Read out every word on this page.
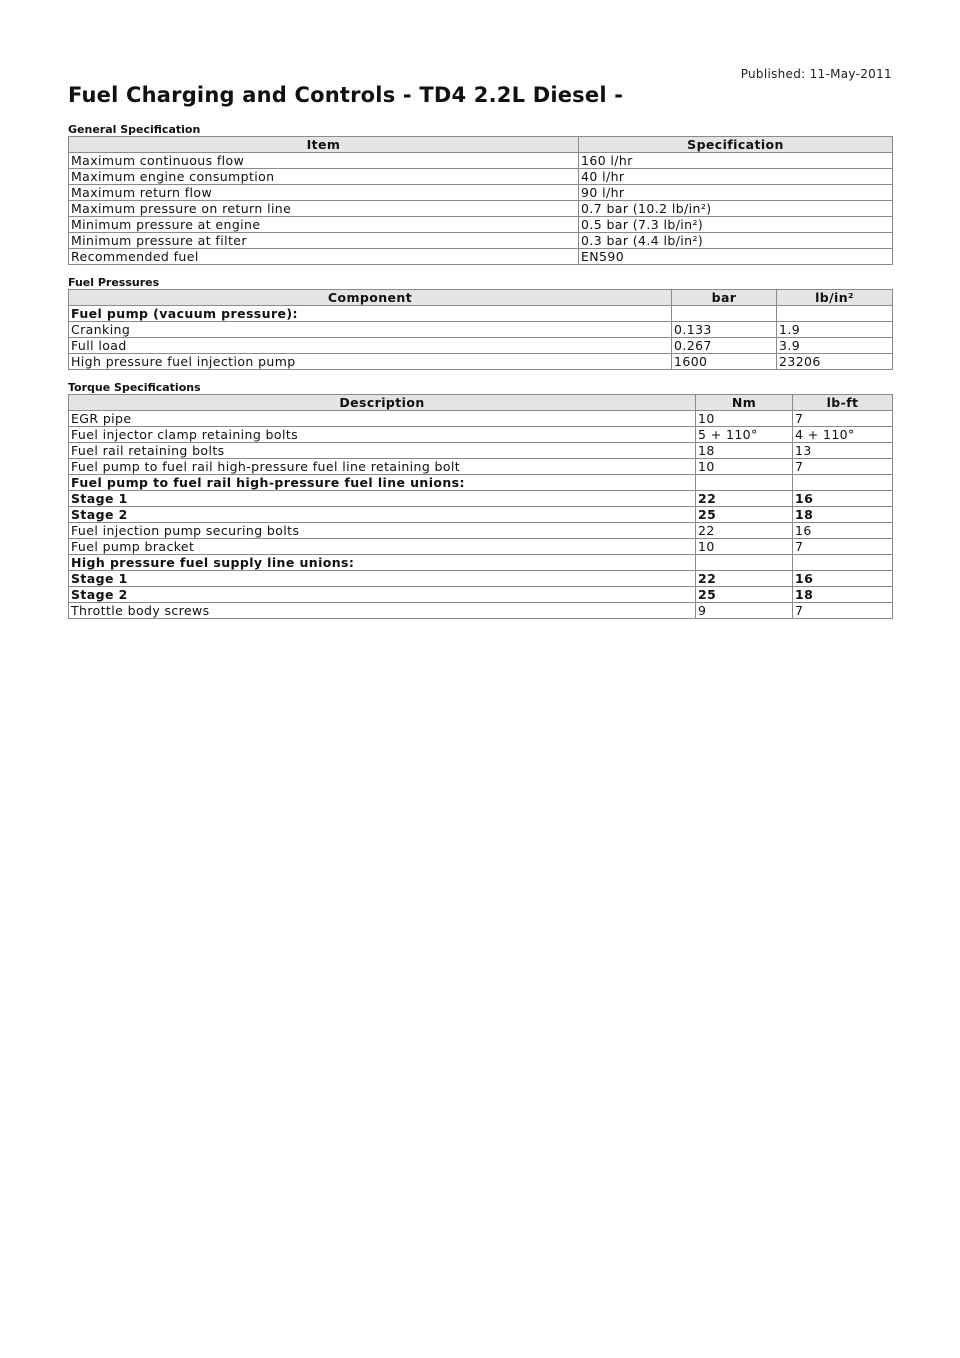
Published: 11-May-2011
Fuel Charging and Controls - TD4 2.2L Diesel -
General Specification
Item	Specification
Maximum continuous flow	160 l/hr
Maximum engine consumption	40 l/hr
Maximum return flow	90 l/hr
Maximum pressure on return line	0.7 bar (10.2 lb/in²)
Minimum pressure at engine	0.5 bar (7.3 lb/in²)
Minimum pressure at filter	0.3 bar (4.4 lb/in²)
Recommended fuel	EN590
Fuel Pressures
Component	bar	lb/in²
Fuel pump (vacuum pressure):		
Cranking	0.133	1.9
Full load	0.267	3.9
High pressure fuel injection pump	1600	23206
Torque Specifications
Description	Nm	lb-ft
EGR pipe	10	7
Fuel injector clamp retaining bolts	5 + 110°	4 + 110°
Fuel rail retaining bolts	18	13
Fuel pump to fuel rail high-pressure fuel line retaining bolt	10	7
Fuel pump to fuel rail high-pressure fuel line unions:		
Stage 1	22	16
Stage 2	25	18
Fuel injection pump securing bolts	22	16
Fuel pump bracket	10	7
High pressure fuel supply line unions:		
Stage 1	22	16
Stage 2	25	18
Throttle body screws	9	7
